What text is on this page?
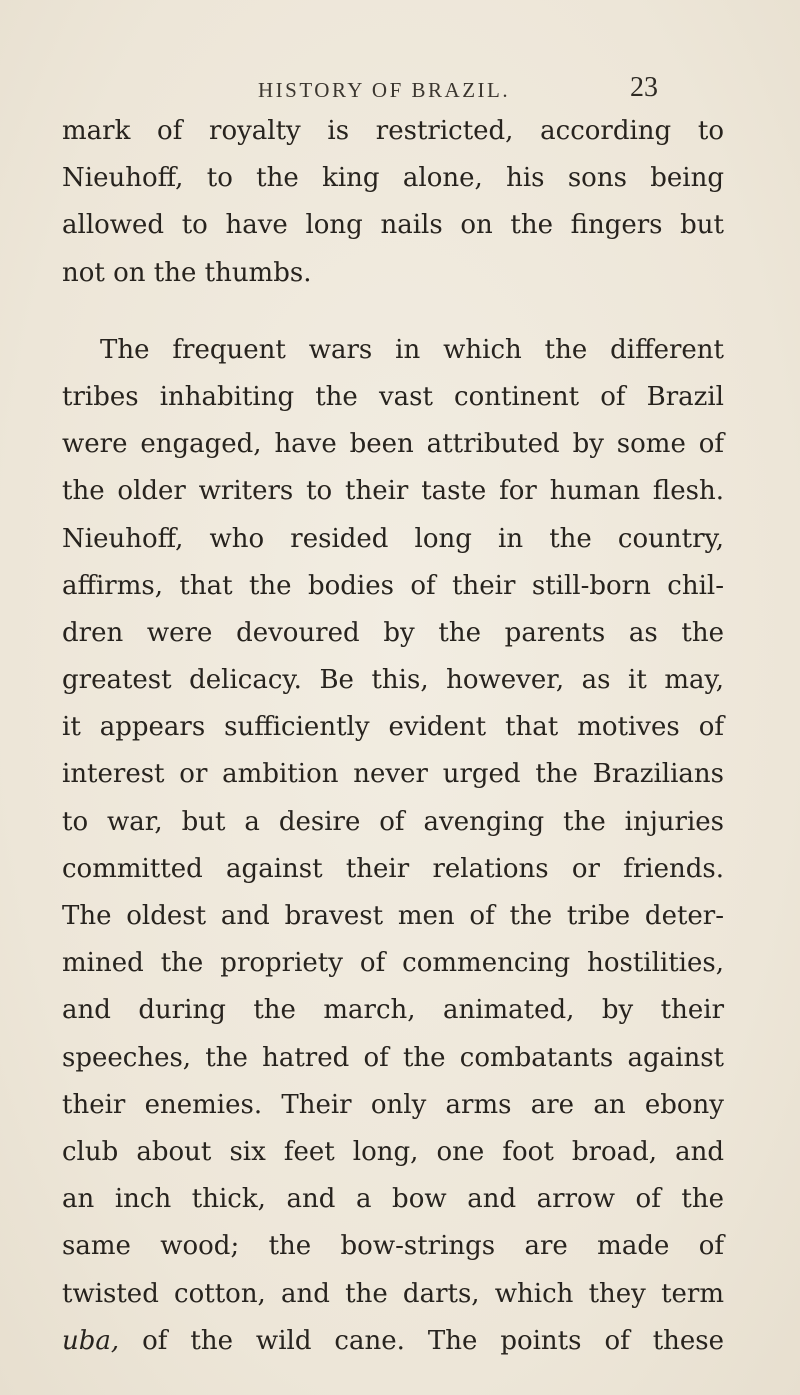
HISTORY OF BRAZIL.	23
mark of royalty is restricted, according to
Nieuhoff, to the king alone, his sons being
allowed to have long nails on the fingers but
not on the thumbs.
The frequent wars in which the different
tribes inhabiting the vast continent of Brazil
were engaged, have been attributed by some of
the older writers to their taste for human flesh.
Nieuhoff, who resided long in the country,
affirms, that the bodies of their still-born chil-
dren were devoured by the parents as the
greatest delicacy. Be this, however, as it may,
it appears sufficiently evident that motives of
interest or ambition never urged the Brazilians
to war, but a desire of avenging the injuries
committed against their relations or friends.
The oldest and bravest men of the tribe deter-
mined the propriety of commencing hostilities,
and during the march, animated, by their
speeches, the hatred of the combatants against
their enemies. Their only arms are an ebony
club about six feet long, one foot broad, and
an inch thick, and a bow and arrow of the
same wood; the bow-strings are made of
twisted cotton, and the darts, which they term
uba, of the wild cane. The points of these
